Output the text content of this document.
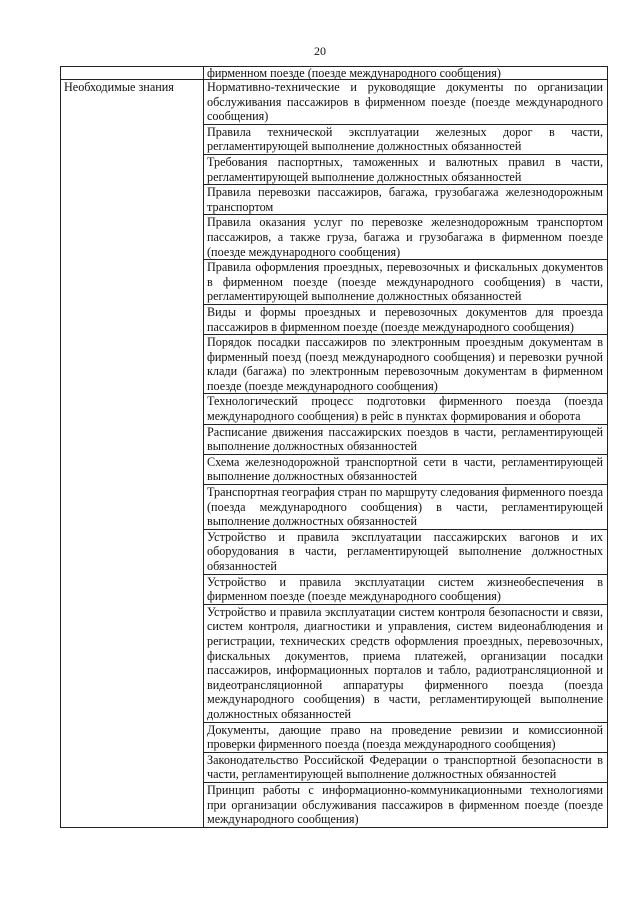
20
	фирменном поезде (поезде международного сообщения)
Необходимые знания	Нормативно-технические и руководящие документы по организации обслуживания пассажиров в фирменном поезде (поезде международного сообщения)
	Правила технической эксплуатации железных дорог в части, регламентирующей выполнение должностных обязанностей
	Требования паспортных, таможенных и валютных правил в части, регламентирующей выполнение должностных обязанностей
	Правила перевозки пассажиров, багажа, грузобагажа железнодорожным транспортом
	Правила оказания услуг по перевозке железнодорожным транспортом пассажиров, а также груза, багажа и грузобагажа в фирменном поезде (поезде международного сообщения)
	Правила оформления проездных, перевозочных и фискальных документов в фирменном поезде (поезде международного сообщения) в части, регламентирующей выполнение должностных обязанностей
	Виды и формы проездных и перевозочных документов для проезда пассажиров в фирменном поезде (поезде международного сообщения)
	Порядок посадки пассажиров по электронным проездным документам в фирменный поезд (поезд международного сообщения) и перевозки ручной клади (багажа) по электронным перевозочным документам в фирменном поезде (поезде международного сообщения)
	Технологический процесс подготовки фирменного поезда (поезда международного сообщения) в рейс в пунктах формирования и оборота
	Расписание движения пассажирских поездов в части, регламентирующей выполнение должностных обязанностей
	Схема железнодорожной транспортной сети в части, регламентирующей выполнение должностных обязанностей
	Транспортная география стран по маршруту следования фирменного поезда (поезда международного сообщения) в части, регламентирующей выполнение должностных обязанностей
	Устройство и правила эксплуатации пассажирских вагонов и их оборудования в части, регламентирующей выполнение должностных обязанностей
	Устройство и правила эксплуатации систем жизнеобеспечения в фирменном поезде (поезде международного сообщения)
	Устройство и правила эксплуатации систем контроля безопасности и связи, систем контроля, диагностики и управления, систем видеонаблюдения и регистрации, технических средств оформления проездных, перевозочных, фискальных документов, приема платежей, организации посадки пассажиров, информационных порталов и табло, радиотрансляционной и видеотрансляционной аппаратуры фирменного поезда (поезда международного сообщения) в части, регламентирующей выполнение должностных обязанностей
	Документы, дающие право на проведение ревизии и комиссионной проверки фирменного поезда (поезда международного сообщения)
	Законодательство Российской Федерации о транспортной безопасности в части, регламентирующей выполнение должностных обязанностей
	Принцип работы с информационно-коммуникационными технологиями при организации обслуживания пассажиров в фирменном поезде (поезде международного сообщения)
